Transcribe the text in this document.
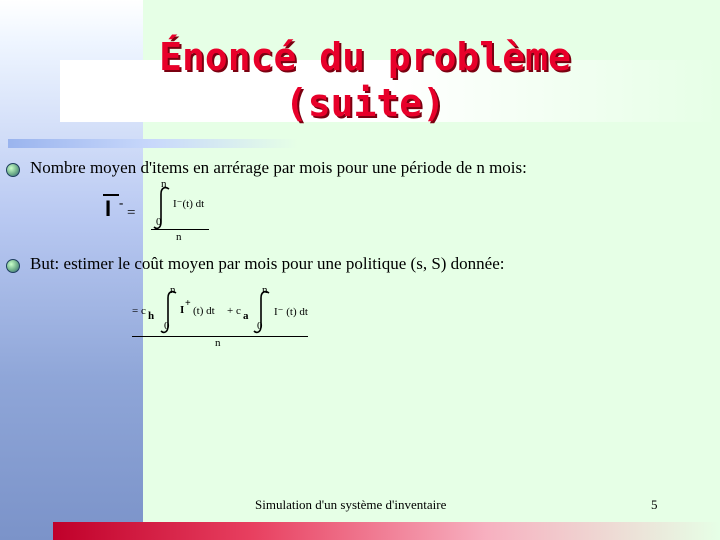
Énoncé du problème
(suite)
Nombre moyen d'items en arrérage par mois pour une période de n mois:
I -
=
n
0
I⁻(t) dt
n
But: estimer le coût moyen par mois pour une politique (s, S) donnée:
= c h
n
0
I
+
(t) dt + c a
n
0
I⁻ (t) dt
n
Simulation d'un système d'inventaire	5
